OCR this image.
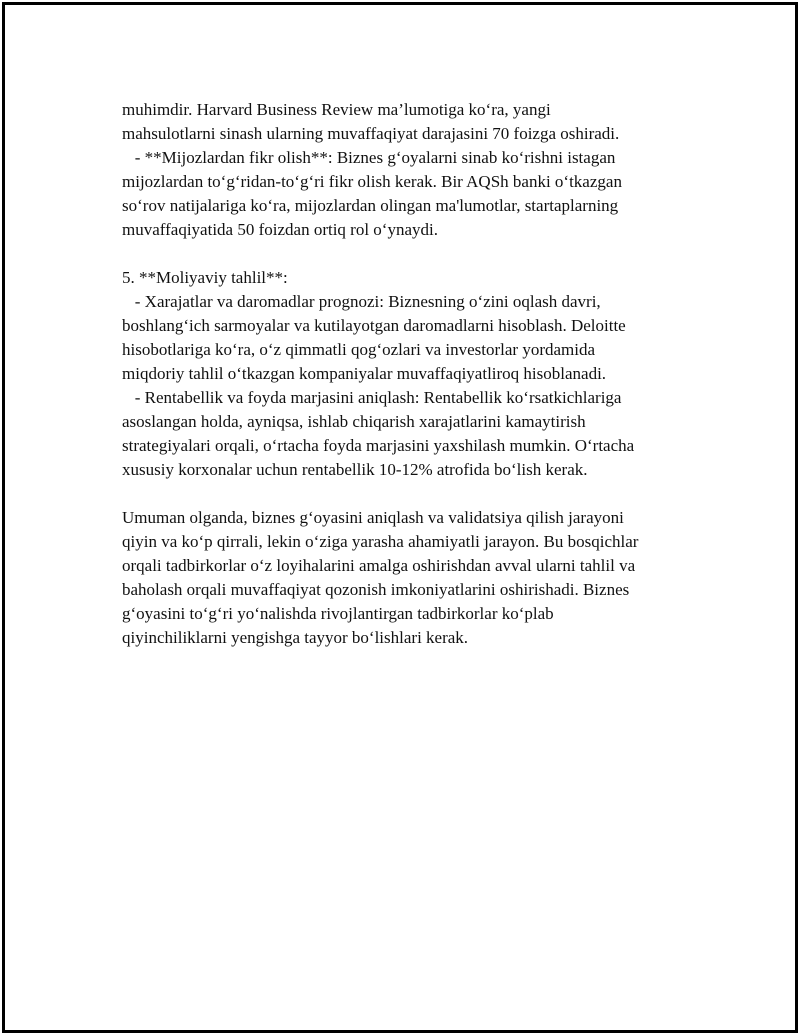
muhimdir. Harvard Business Review ma’lumotiga ko‘ra, yangi
mahsulotlarni sinash ularning muvaffaqiyat darajasini 70 foizga oshiradi.
- **Mijozlardan fikr olish**: Biznes g‘oyalarni sinab ko‘rishni istagan
mijozlardan to‘g‘ridan-to‘g‘ri fikr olish kerak. Bir AQSh banki o‘tkazgan
so‘rov natijalariga ko‘ra, mijozlardan olingan ma'lumotlar, startaplarning
muvaffaqiyatida 50 foizdan ortiq rol o‘ynaydi.
5. **Moliyaviy tahlil**:
- Xarajatlar va daromadlar prognozi: Biznesning o‘zini oqlash davri,
boshlang‘ich sarmoyalar va kutilayotgan daromadlarni hisoblash. Deloitte
hisobotlariga ko‘ra, o‘z qimmatli qog‘ozlari va investorlar yordamida
miqdoriy tahlil o‘tkazgan kompaniyalar muvaffaqiyatliroq hisoblanadi.
- Rentabellik va foyda marjasini aniqlash: Rentabellik ko‘rsatkichlariga
asoslangan holda, ayniqsa, ishlab chiqarish xarajatlarini kamaytirish
strategiyalari orqali, o‘rtacha foyda marjasini yaxshilash mumkin. O‘rtacha
xususiy korxonalar uchun rentabellik 10-12% atrofida bo‘lish kerak.
Umuman olganda, biznes g‘oyasini aniqlash va validatsiya qilish jarayoni
qiyin va ko‘p qirrali, lekin o‘ziga yarasha ahamiyatli jarayon. Bu bosqichlar
orqali tadbirkorlar o‘z loyihalarini amalga oshirishdan avval ularni tahlil va
baholash orqali muvaffaqiyat qozonish imkoniyatlarini oshirishadi. Biznes
g‘oyasini to‘g‘ri yo‘nalishda rivojlantirgan tadbirkorlar ko‘plab
qiyinchiliklarni yengishga tayyor bo‘lishlari kerak.
